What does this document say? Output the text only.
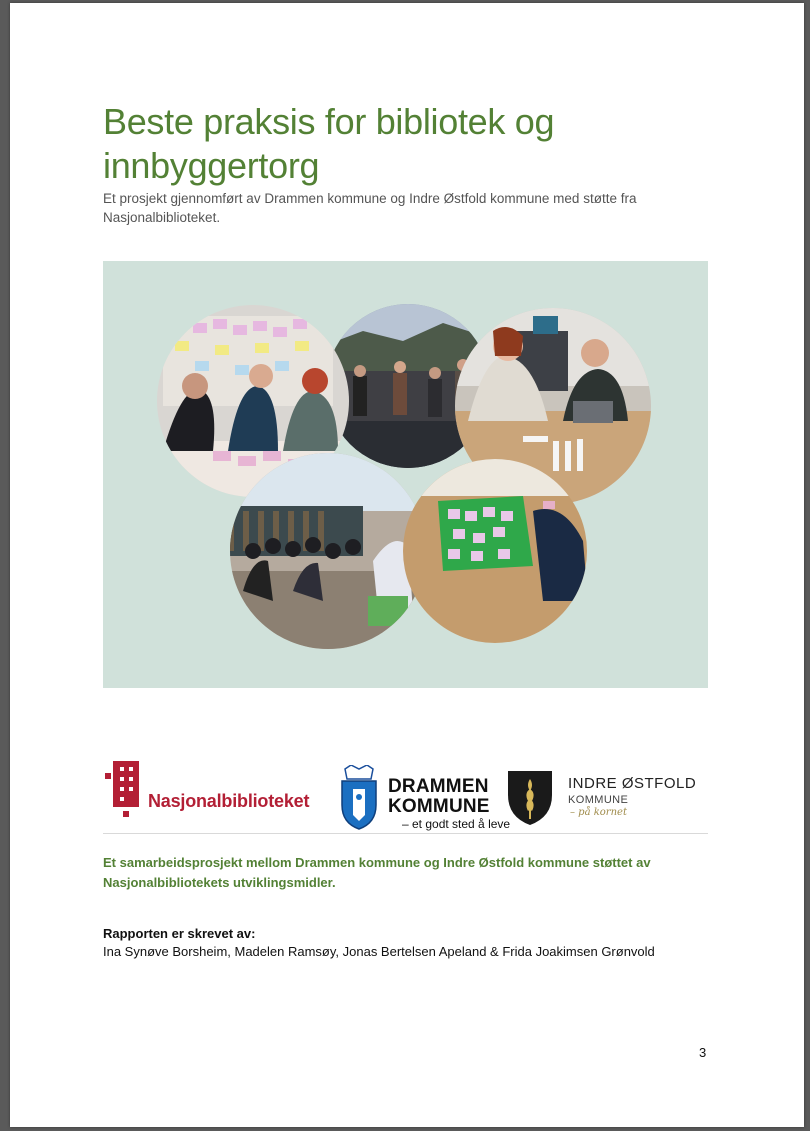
Beste praksis for bibliotek og innbyggertorg
Et prosjekt gjennomført av Drammen kommune og Indre Østfold kommune med støtte fra Nasjonalbiblioteket.
Nasjonalbiblioteket
DRAMMEN
KOMMUNE
– et godt sted å leve
INDRE ØSTFOLD
KOMMUNE
– på kornet
Et samarbeidsprosjekt mellom Drammen kommune og Indre Østfold kommune støttet av Nasjonalbibliotekets utviklingsmidler.
Rapporten er skrevet av:
Ina Synøve Borsheim, Madelen Ramsøy, Jonas Bertelsen Apeland & Frida Joakimsen Grønvold
3
